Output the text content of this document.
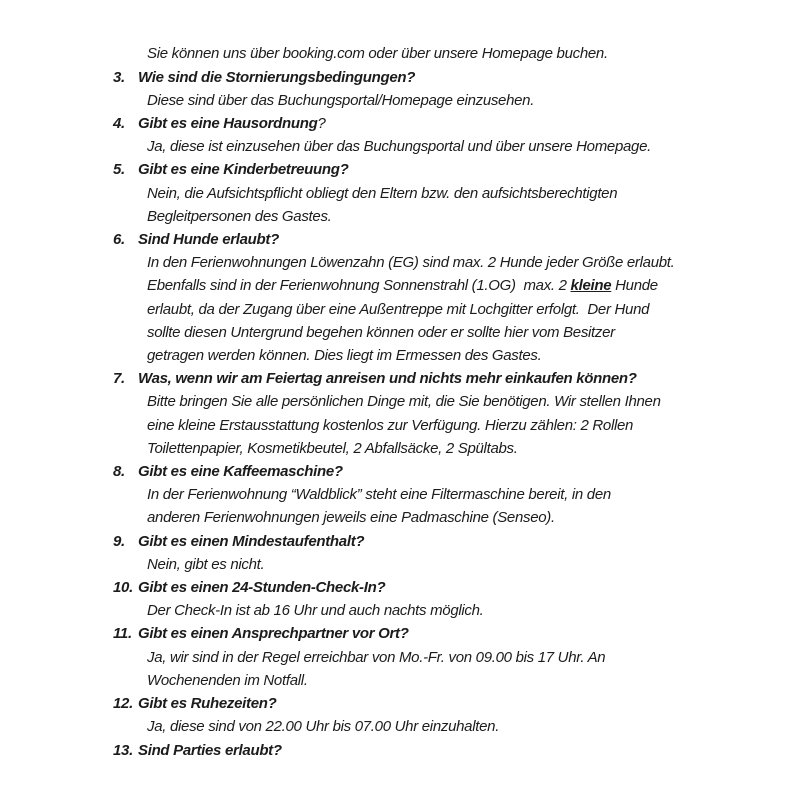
Sie können uns über booking.com oder über unsere Homepage buchen.
3. Wie sind die Stornierungsbedingungen?
Diese sind über das Buchungsportal/Homepage einzusehen.
4. Gibt es eine Hausordnung?
Ja, diese ist einzusehen über das Buchungsportal und über unsere Homepage.
5. Gibt es eine Kinderbetreuung?
Nein, die Aufsichtspflicht obliegt den Eltern bzw. den aufsichtsberechtigten
Begleitpersonen des Gastes.
6. Sind Hunde erlaubt?
In den Ferienwohnungen Löwenzahn (EG) sind max. 2 Hunde jeder Größe erlaubt.
Ebenfalls sind in der Ferienwohnung Sonnenstrahl (1.OG)  max. 2 kleine Hunde
erlaubt, da der Zugang über eine Außentreppe mit Lochgitter erfolgt.  Der Hund
sollte diesen Untergrund begehen können oder er sollte hier vom Besitzer
getragen werden können. Dies liegt im Ermessen des Gastes.
7. Was, wenn wir am Feiertag anreisen und nichts mehr einkaufen können?
Bitte bringen Sie alle persönlichen Dinge mit, die Sie benötigen. Wir stellen Ihnen
eine kleine Erstausstattung kostenlos zur Verfügung. Hierzu zählen: 2 Rollen
Toilettenpapier, Kosmetikbeutel, 2 Abfallsäcke, 2 Spültabs.
8. Gibt es eine Kaffeemaschine?
In der Ferienwohnung “Waldblick” steht eine Filtermaschine bereit, in den
anderen Ferienwohnungen jeweils eine Padmaschine (Senseo).
9. Gibt es einen Mindestaufenthalt?
Nein, gibt es nicht.
10. Gibt es einen 24-Stunden-Check-In?
Der Check-In ist ab 16 Uhr und auch nachts möglich.
11. Gibt es einen Ansprechpartner vor Ort?
Ja, wir sind in der Regel erreichbar von Mo.-Fr. von 09.00 bis 17 Uhr. An
Wochenenden im Notfall.
12. Gibt es Ruhezeiten?
Ja, diese sind von 22.00 Uhr bis 07.00 Uhr einzuhalten.
13. Sind Parties erlaubt?
